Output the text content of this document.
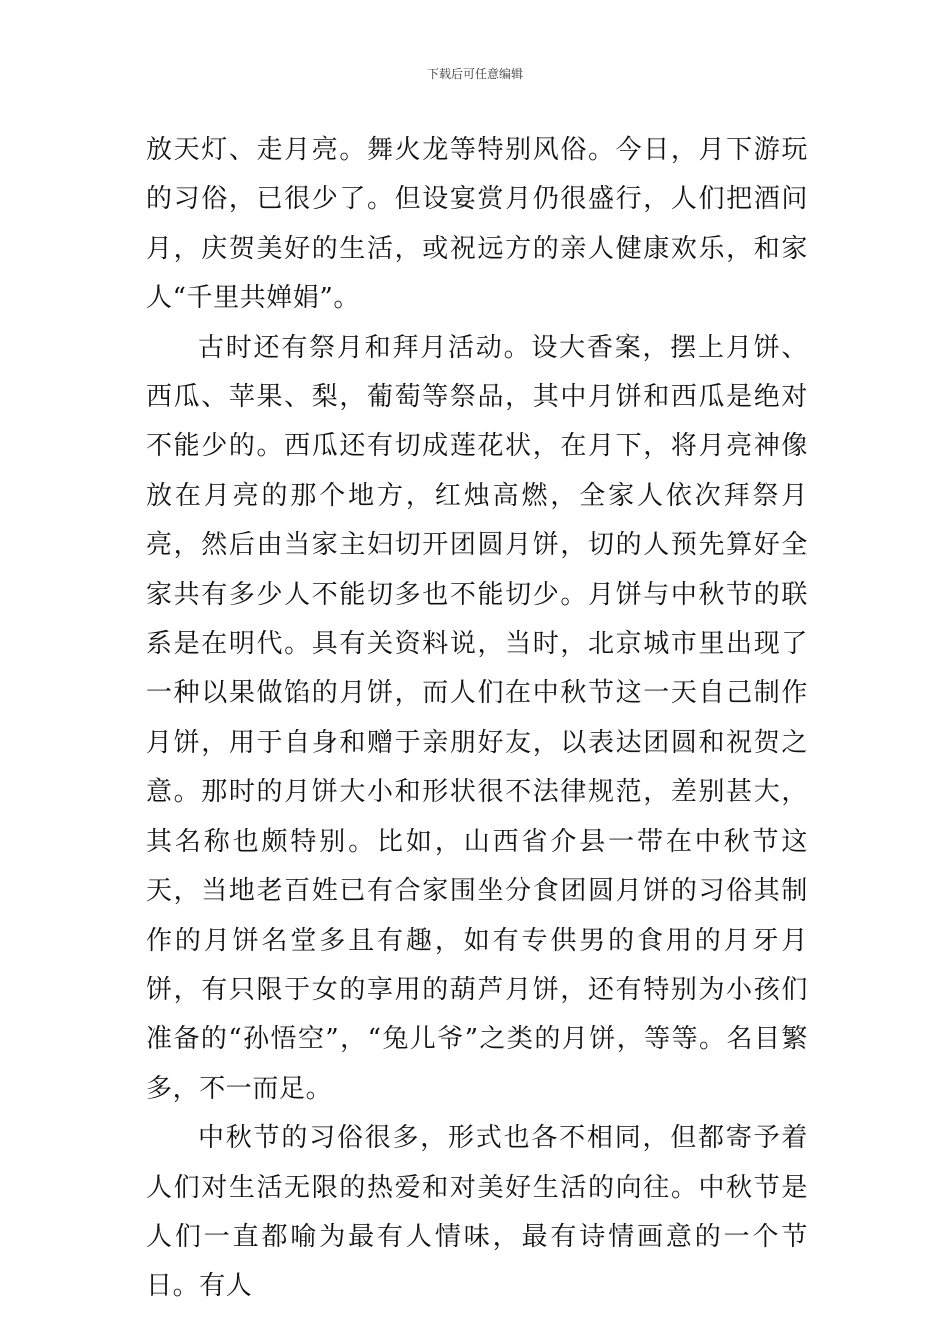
下载后可任意编辑

放天灯、走月亮。舞火龙等特别风俗。今日，月下游玩的习俗，已很少了。但设宴赏月仍很盛行，人们把酒问月，庆贺美好的生活，或祝远方的亲人健康欢乐，和家人“千里共婵娟”。

古时还有祭月和拜月活动。设大香案，摆上月饼、西瓜、苹果、梨，葡萄等祭品，其中月饼和西瓜是绝对不能少的。西瓜还有切成莲花状，在月下，将月亮神像放在月亮的那个地方，红烛高燃，全家人依次拜祭月亮，然后由当家主妇切开团圆月饼，切的人预先算好全家共有多少人不能切多也不能切少。月饼与中秋节的联系是在明代。具有关资料说，当时，北京城市里出现了一种以果做馅的月饼，而人们在中秋节这一天自己制作月饼，用于自身和赠于亲朋好友，以表达团圆和祝贺之意。那时的月饼大小和形状很不法律规范，差别甚大，其名称也颇特别。比如，山西省介县一带在中秋节这天，当地老百姓已有合家围坐分食团圆月饼的习俗其制作的月饼名堂多且有趣，如有专供男的食用的月牙月饼，有只限于女的享用的葫芦月饼，还有特别为小孩们准备的“孙悟空”，“兔儿爷”之类的月饼，等等。名目繁多，不一而足。

中秋节的习俗很多，形式也各不相同，但都寄予着人们对生活无限的热爱和对美好生活的向往。中秋节是人们一直都喻为最有人情味，最有诗情画意的一个节日。有人
